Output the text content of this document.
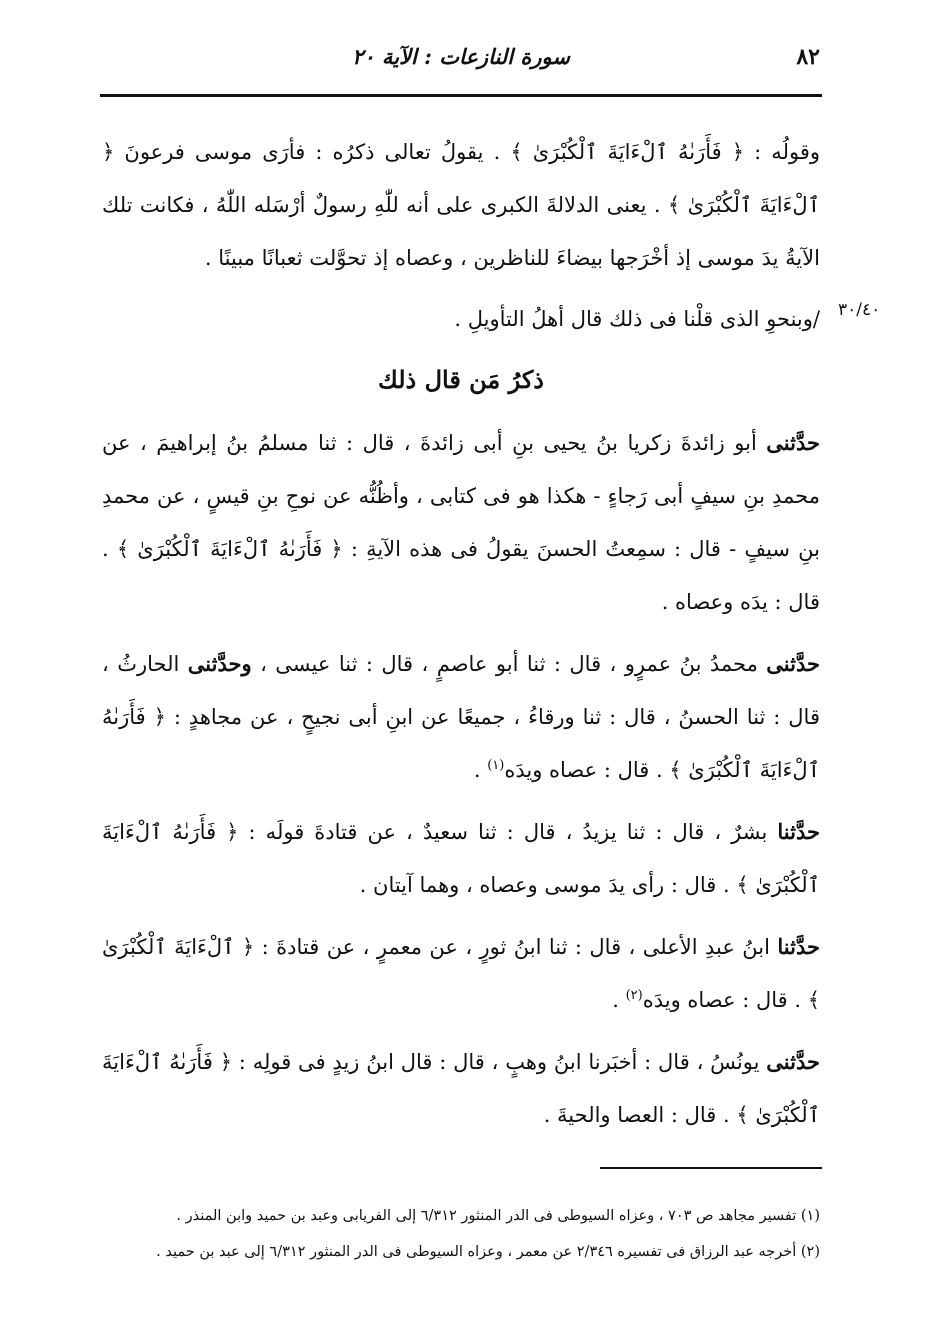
٨٢
سورة النازعات : الآية ٢٠
٣٠/٤٠

وقولُه : ﴿ فَأَرَىٰهُ ٱلْءَايَةَ ٱلْكُبْرَىٰ ﴾ . يقولُ تعالى ذكرُه : فأرَى موسى فرعونَ ﴿ ٱلْءَايَةَ ٱلْكُبْرَىٰ ﴾ . يعنى الدلالةَ الكبرى على أنه للّٰهِ رسولٌ أرْسَله اللّٰهُ ، فكانت تلك الآيةُ يدَ موسى إذ أخْرَجها بيضاءَ للناظرين ، وعصاه إذ تحوَّلت ثعبانًا مبينًا .

/وبنحوِ الذى قلْنا فى ذلك قال أهلُ التأويلِ .

ذكرُ مَن قال ذلك

حدَّثنى أبو زائدةَ زكريا بنُ يحيى بنِ أبى زائدةَ ، قال : ثنا مسلمُ بنُ إبراهيمَ ، عن محمدِ بنِ سيفٍ أبى رَجاءٍ - هكذا هو فى كتابى ، وأظُنُّه عن نوحِ بنِ قيسٍ ، عن محمدِ بنِ سيفٍ - قال : سمِعتُ الحسنَ يقولُ فى هذه الآيةِ : ﴿ فَأَرَىٰهُ ٱلْءَايَةَ ٱلْكُبْرَىٰ ﴾ . قال : يدَه وعصاه .

حدَّثنى محمدُ بنُ عمرٍو ، قال : ثنا أبو عاصمٍ ، قال : ثنا عيسى ، وحدَّثنى الحارثُ ، قال : ثنا الحسنُ ، قال : ثنا ورقاءُ ، جميعًا عن ابنِ أبى نجيحٍ ، عن مجاهدٍ : ﴿ فَأَرَىٰهُ ٱلْءَايَةَ ٱلْكُبْرَىٰ ﴾ . قال : عصاه ويدَه$^{(١)}$ .

حدَّثنا بشرٌ ، قال : ثنا يزيدُ ، قال : ثنا سعيدٌ ، عن قتادةَ قولَه : ﴿ فَأَرَىٰهُ ٱلْءَايَةَ ٱلْكُبْرَىٰ ﴾ . قال : رأى يدَ موسى وعصاه ، وهما آيتان .

حدَّثنا ابنُ عبدِ الأعلى ، قال : ثنا ابنُ ثورٍ ، عن معمرٍ ، عن قتادةَ : ﴿ ٱلْءَايَةَ ٱلْكُبْرَىٰ ﴾ . قال : عصاه ويدَه$^{(٢)}$ .

حدَّثنى يونُسُ ، قال : أخبَرنا ابنُ وهبٍ ، قال : قال ابنُ زيدٍ فى قولِه : ﴿ فَأَرَىٰهُ ٱلْءَايَةَ ٱلْكُبْرَىٰ ﴾ . قال : العصا والحيةَ .

(١) تفسير مجاهد ص ٧٠٣ ، وعزاه السيوطى فى الدر المنثور ٦/٣١٢ إلى الفريابى وعبد بن حميد وابن المنذر .

(٢) أخرجه عبد الرزاق فى تفسيره ٢/٣٤٦ عن معمر ، وعزاه السيوطى فى الدر المنثور ٦/٣١٢ إلى عبد بن حميد .
